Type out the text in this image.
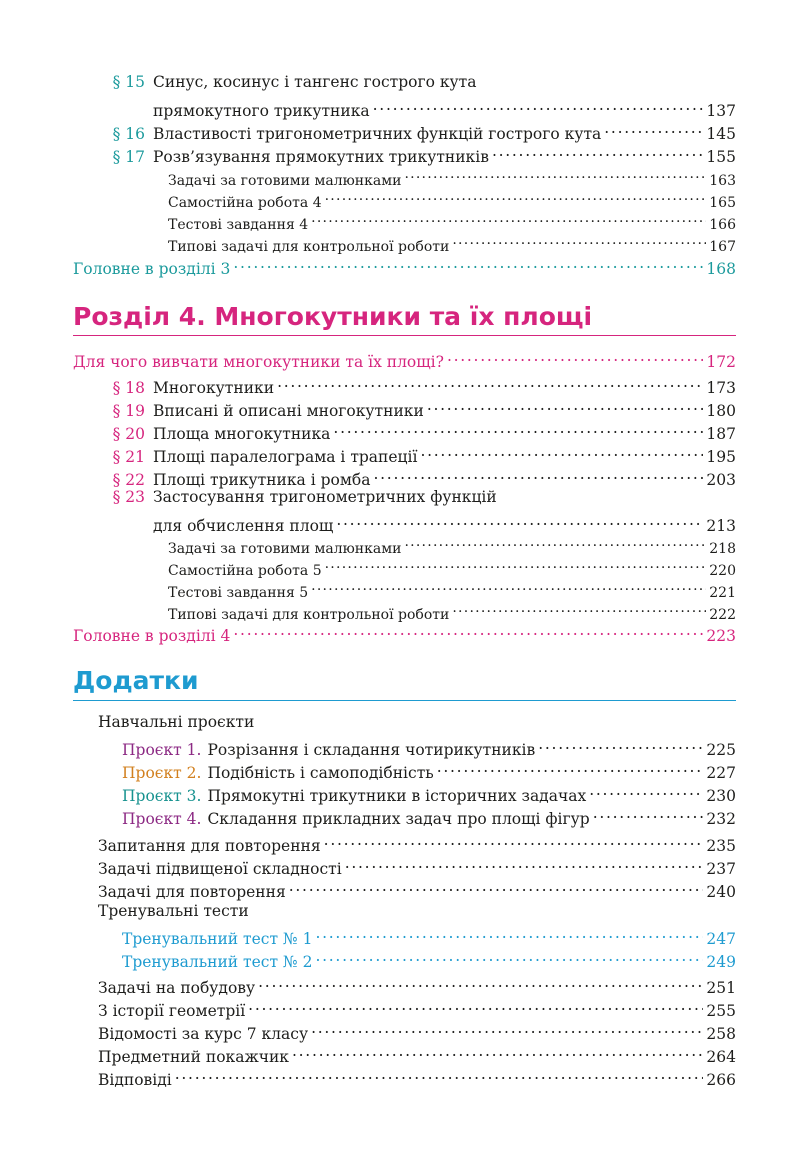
§ 15 Синус, косинус і тангенс гострого кута
прямокутного трикутника . . .	137
§ 16 Властивості тригонометричних функцій гострого кута . . .	145
§ 17 Розв’язування прямокутних трикутників . . .	155
Задачі за готовими малюнками . . .	163
Самостійна робота 4 . . .	165
Тестові завдання 4 . . .	166
Типові задачі для контрольної роботи . . .	167
Головне в розділі 3 . . .	168
Розділ 4. Многокутники та їх площі
Для чого вивчати многокутники та їх площі? . . .	172
§ 18 Многокутники . . .	173
§ 19 Вписані й описані многокутники . . .	180
§ 20 Площа многокутника . . .	187
§ 21 Площі паралелограма і трапеції . . .	195
§ 22 Площі трикутника і ромба . . .	203
§ 23 Застосування тригонометричних функцій
для обчислення площ . . .	213
Задачі за готовими малюнками . . .	218
Самостійна робота 5 . . .	220
Тестові завдання 5 . . .	221
Типові задачі для контрольної роботи . . .	222
Головне в розділі 4 . . .	223
Додатки
Навчальні проєкти
Проєкт 1. Розрізання і складання чотирикутників . . .	225
Проєкт 2. Подібність і самоподібність . . .	227
Проєкт 3. Прямокутні трикутники в історичних задачах . . .	230
Проєкт 4. Складання прикладних задач про площі фігур . . .	232
Запитання для повторення . . .	235
Задачі підвищеної складності . . .	237
Задачі для повторення . . .	240
Тренувальні тести
Тренувальний тест № 1 . . .	247
Тренувальний тест № 2 . . .	249
Задачі на побудову . . .	251
З історії геометрії . . .	255
Відомості за курс 7 класу . . .	258
Предметний покажчик . . .	264
Відповіді . . .	266
